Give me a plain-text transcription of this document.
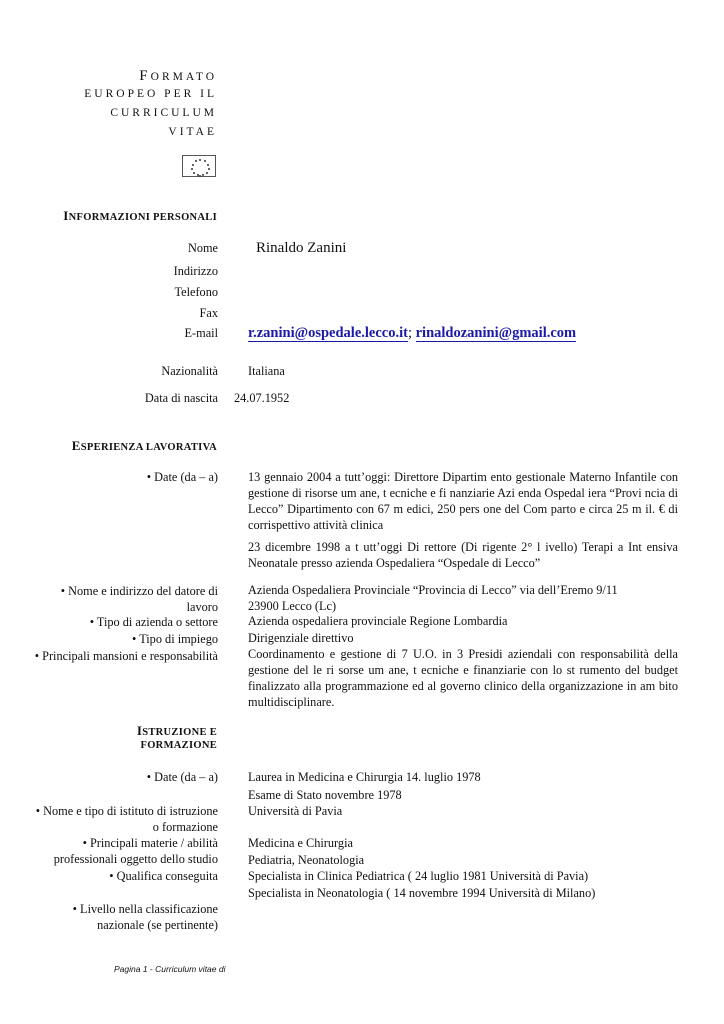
FORMATO
EUROPEO PER IL
CURRICULUM
VITAE
INFORMAZIONI PERSONALI
Nome	Rinaldo Zanini
Indirizzo
Telefono
Fax
E-mail r.zanini@ospedale.lecco.it; rinaldozanini@gmail.com
Nazionalità Italiana
Data di nascita 24.07.1952
ESPERIENZA LAVORATIVA
• Date (da – a) 13 gennaio 2004 a tutt’oggi: Direttore Dipartim ento gestionale Materno Infantile con gestione di risorse um ane, t ecniche e fi nanziarie Azi enda Ospedal iera “Provi ncia di Lecco” Dipartimento con 67 m edici, 250 pers one del Com parto e circa 25 m il. € di corrispettivo attività clinica
23 dicembre 1998 a t utt’oggi Di rettore (Di rigente 2° l ivello) Terapi a Int ensiva Neonatale presso azienda Ospedaliera “Ospedale di Lecco”
• Nome e indirizzo del datore di lavoro
Azienda Ospedaliera Provinciale “Provincia di Lecco” via dell’Eremo 9/11
23900 Lecco (Lc)
• Tipo di azienda o settore Azienda ospedaliera provinciale Regione Lombardia
• Tipo di impiego Dirigenziale direttivo
• Principali mansioni e responsabilità Coordinamento e gestione di 7 U.O. in 3 Presidi aziendali con responsabilità della gestione del le ri sorse um ane, t ecniche e finanziarie con lo st rumento del budget finalizzato alla programmazione ed al governo clinico della organizzazione in am bito multidisciplinare.
ISTRUZIONE E
FORMAZIONE
• Date (da – a) Laurea in Medicina e Chirurgia 14. luglio 1978
Esame di Stato novembre 1978
• Nome e tipo di istituto di istruzione o formazione
Università di Pavia
• Principali materie / abilità professionali oggetto dello studio
Medicina e Chirurgia
Pediatria, Neonatologia
• Qualifica conseguita Specialista in Clinica Pediatrica ( 24 luglio 1981 Università di Pavia)
Specialista in Neonatologia ( 14 novembre 1994 Università di Milano)
• Livello nella classificazione nazionale (se pertinente)
Pagina 1 - Curriculum vitae di
